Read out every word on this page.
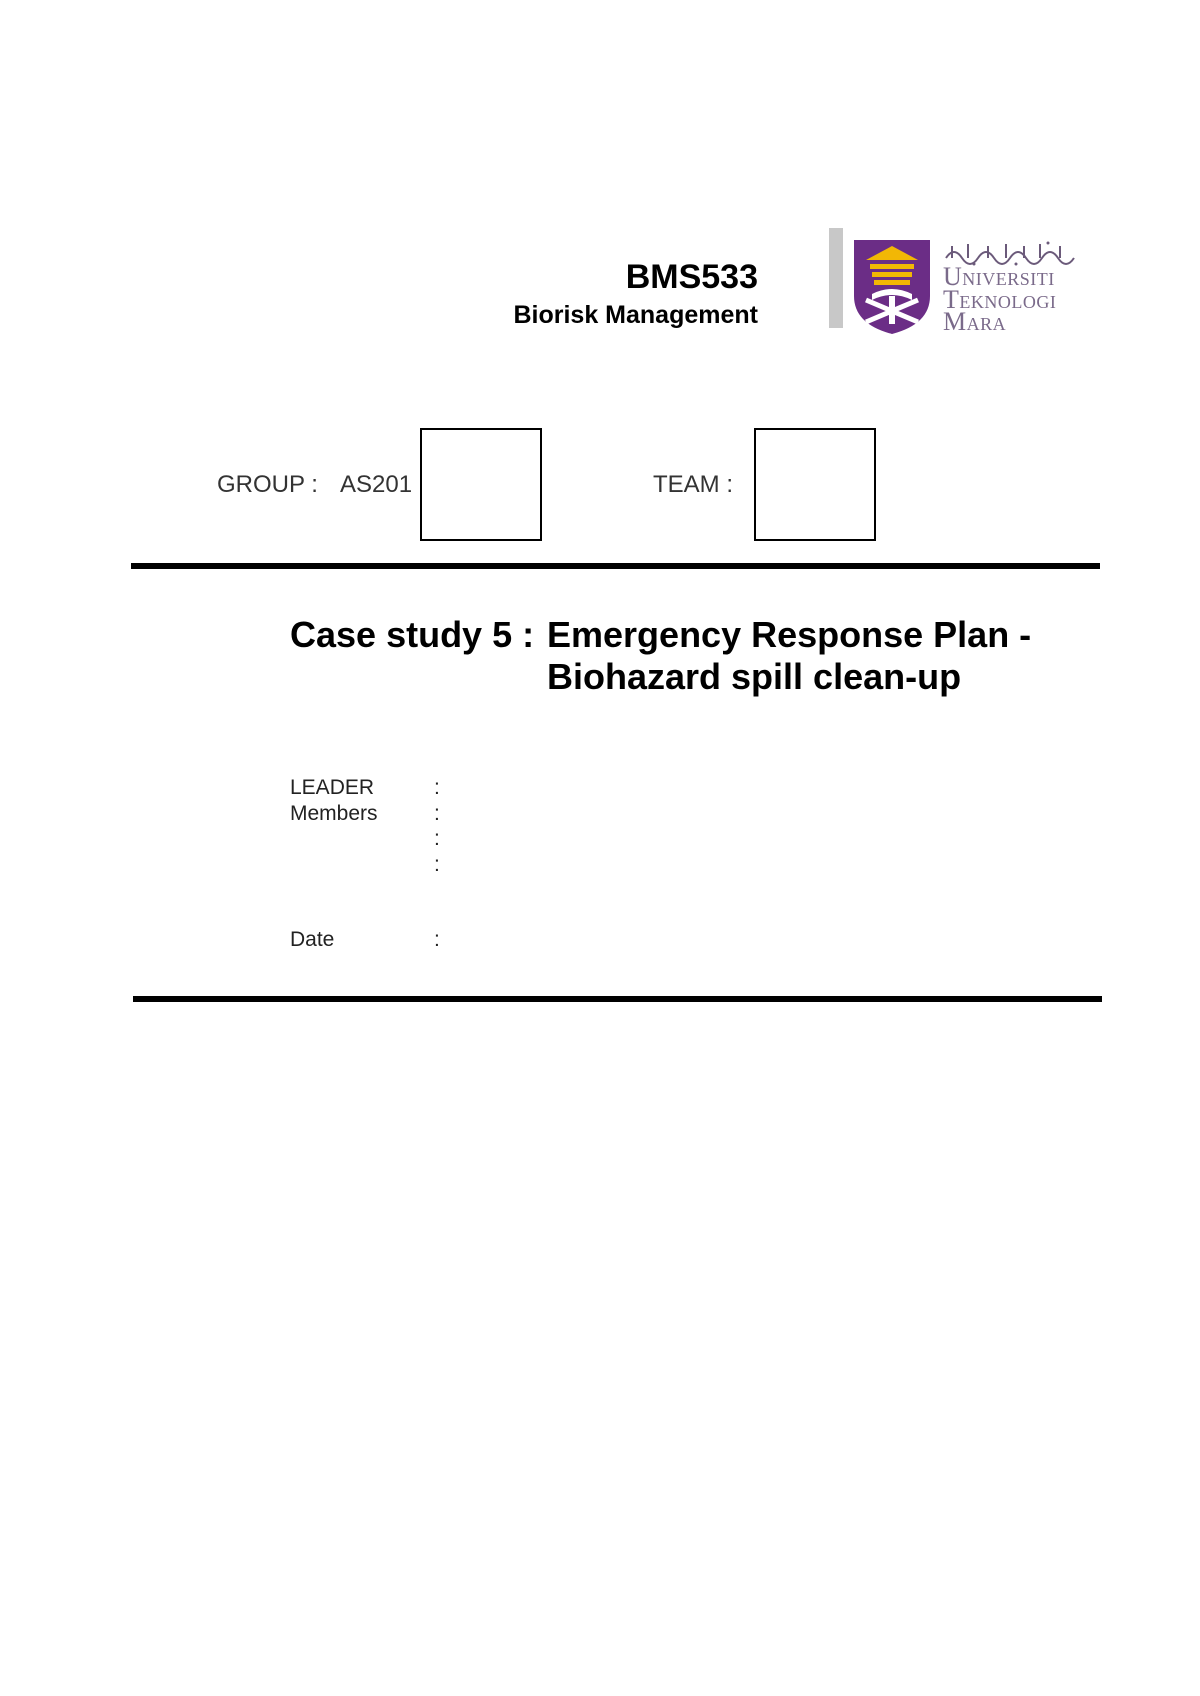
BMS533
Biorisk Management
Universiti
Teknologi
Mara
GROUP : AS201	TEAM :
Case study 5 : Emergency Response Plan -
Biohazard spill clean-up
LEADER	:
Members	:
:
:
Date	:
